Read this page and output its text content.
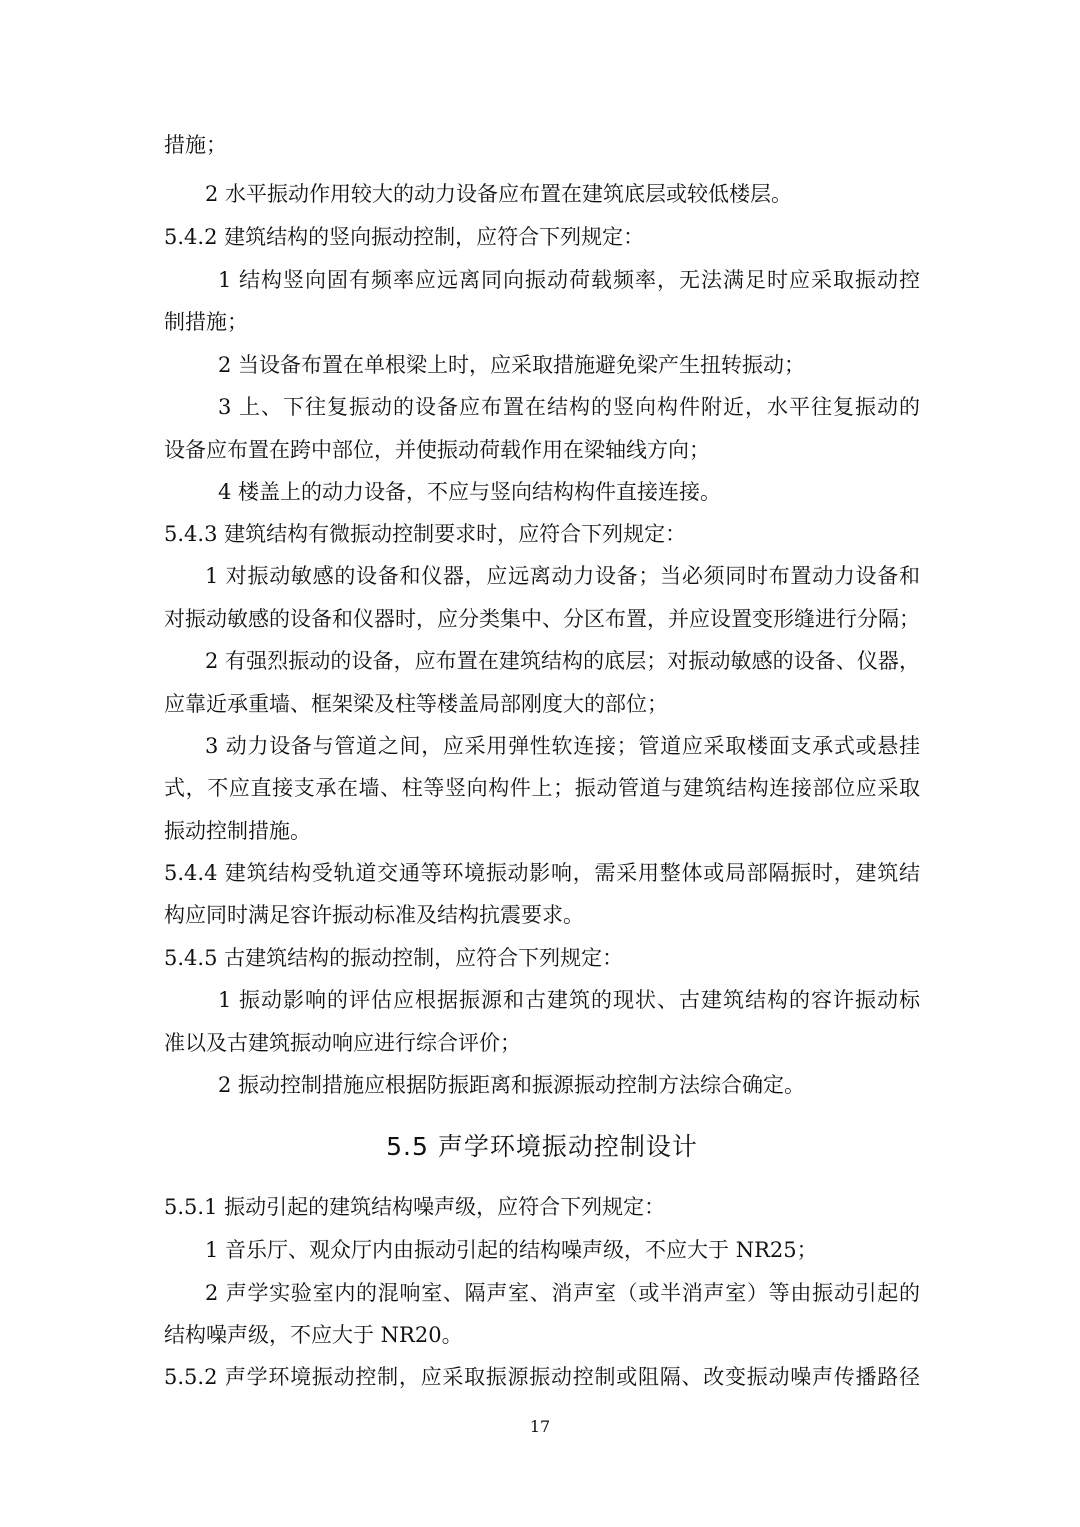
措施；
2 水平振动作用较大的动力设备应布置在建筑底层或较低楼层。
5.4.2 建筑结构的竖向振动控制，应符合下列规定：
1 结构竖向固有频率应远离同向振动荷载频率，无法满足时应采取振动控
制措施；
2 当设备布置在单根梁上时，应采取措施避免梁产生扭转振动；
3 上、下往复振动的设备应布置在结构的竖向构件附近，水平往复振动的
设备应布置在跨中部位，并使振动荷载作用在梁轴线方向；
4 楼盖上的动力设备，不应与竖向结构构件直接连接。
5.4.3 建筑结构有微振动控制要求时，应符合下列规定：
1 对振动敏感的设备和仪器，应远离动力设备；当必须同时布置动力设备和
对振动敏感的设备和仪器时，应分类集中、分区布置，并应设置变形缝进行分隔；
2 有强烈振动的设备，应布置在建筑结构的底层；对振动敏感的设备、仪器，
应靠近承重墙、框架梁及柱等楼盖局部刚度大的部位；
3 动力设备与管道之间，应采用弹性软连接；管道应采取楼面支承式或悬挂
式，不应直接支承在墙、柱等竖向构件上；振动管道与建筑结构连接部位应采取
振动控制措施。
5.4.4 建筑结构受轨道交通等环境振动影响，需采用整体或局部隔振时，建筑结
构应同时满足容许振动标准及结构抗震要求。
5.4.5 古建筑结构的振动控制，应符合下列规定：
1 振动影响的评估应根据振源和古建筑的现状、古建筑结构的容许振动标
准以及古建筑振动响应进行综合评价；
2 振动控制措施应根据防振距离和振源振动控制方法综合确定。
5.5 声学环境振动控制设计
5.5.1 振动引起的建筑结构噪声级，应符合下列规定：
1 音乐厅、观众厅内由振动引起的结构噪声级，不应大于 NR25；
2 声学实验室内的混响室、隔声室、消声室（或半消声室）等由振动引起的
结构噪声级，不应大于 NR20。
5.5.2 声学环境振动控制，应采取振源振动控制或阻隔、改变振动噪声传播路径
17
